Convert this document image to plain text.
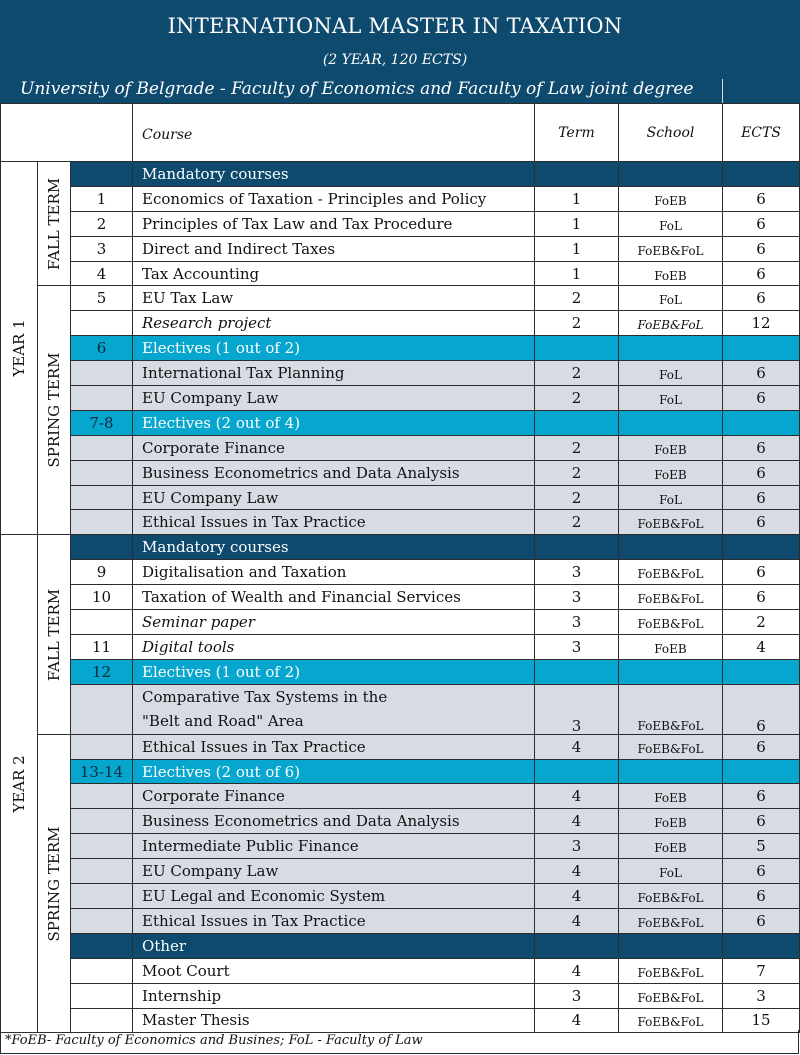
INTERNATIONAL MASTER IN TAXATION
(2 YEAR, 120 ECTS)
University of Belgrade - Faculty of Economics and Faculty of Law joint degree
			Course	Term	School	ECTS

YEAR 1	FALL TERM		Mandatory courses			
		1	Economics of Taxation - Principles and Policy	1	FoEB	6
		2	Principles of Tax Law and Tax Procedure	1	FoL	6
		3	Direct and Indirect Taxes	1	FoEB&FoL	6
		4	Tax Accounting	1	FoEB	6

	SPRING TERM	5	EU Tax Law	2	FoL	6
			Research project	2	FoEB&FoL	12
		6	Electives (1 out of 2)			
			International Tax Planning	2	FoL	6
			EU Company Law	2	FoL	6
		7-8	Electives (2 out of 4)			
			Corporate Finance	2	FoEB	6
			Business Econometrics and Data Analysis	2	FoEB	6
			EU Company Law	2	FoL	6
			Ethical Issues in Tax Practice	2	FoEB&FoL	6

YEAR 2	FALL TERM		Mandatory courses			
		9	Digitalisation and Taxation	3	FoEB&FoL	6
		10	Taxation of Wealth and Financial Services	3	FoEB&FoL	6
			Seminar paper	3	FoEB&FoL	2
		11	Digital tools	3	FoEB	4
		12	Electives (1 out of 2)			

			Comparative Tax Systems in the
"Belt and Road" Area	3	FoEB&FoL	6

	SPRING TERM		Ethical Issues in Tax Practice	4	FoEB&FoL	6
		13-14	Electives (2 out of 6)			
			Corporate Finance	4	FoEB	6
			Business Econometrics and Data Analysis	4	FoEB	6
			Intermediate Public Finance	3	FoEB	5
			EU Company Law	4	FoL	6
			EU Legal and Economic System	4	FoEB&FoL	6
			Ethical Issues in Tax Practice	4	FoEB&FoL	6
			Other			
			Moot Court	4	FoEB&FoL	7
			Internship	3	FoEB&FoL	3
			Master Thesis	4	FoEB&FoL	15
*FoEB- Faculty of Economics and Busines; FoL - Faculty of Law
